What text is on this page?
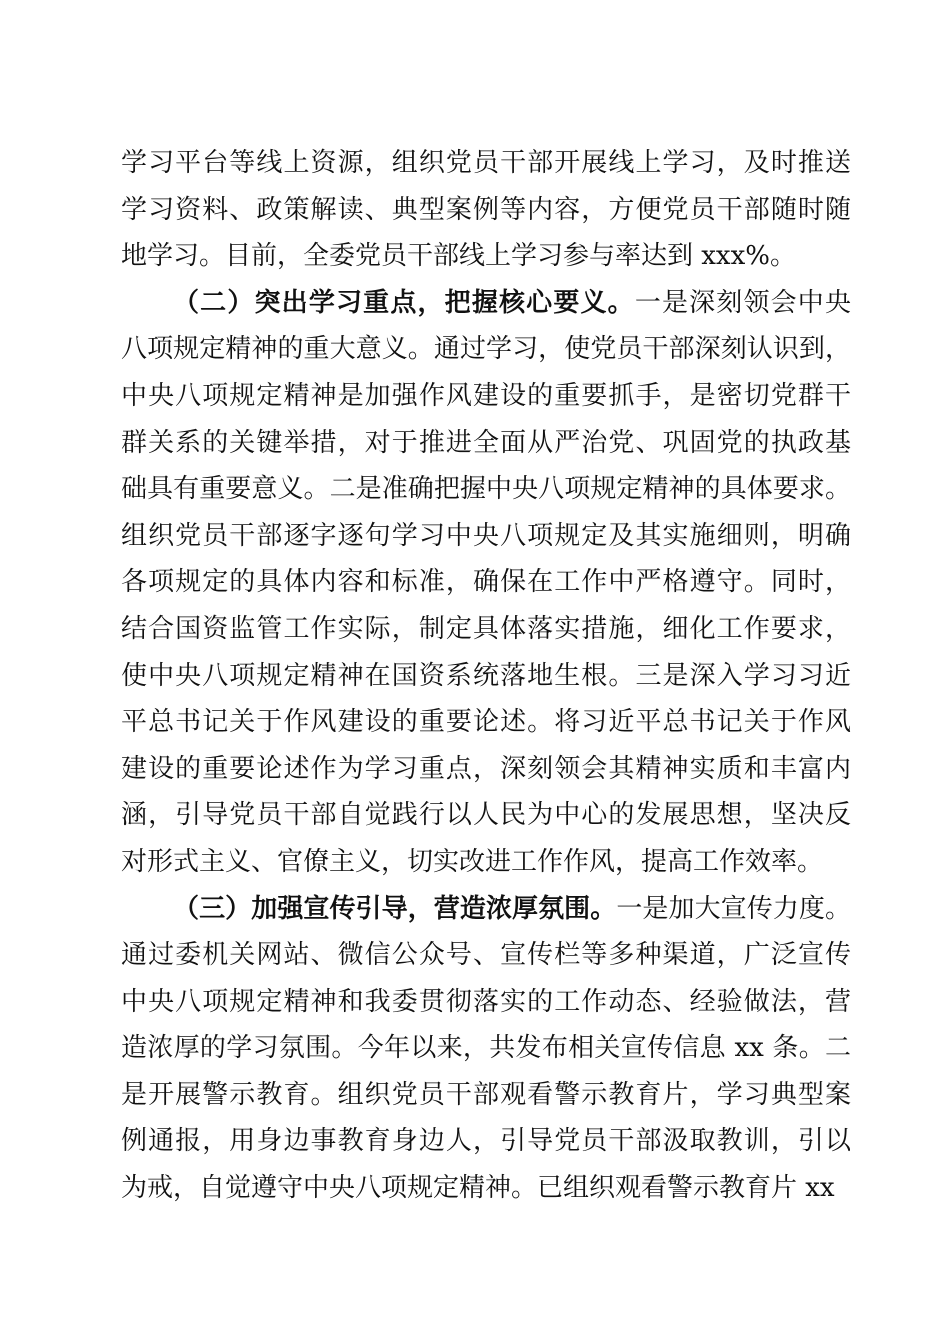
学习平台等线上资源，组织党员干部开展线上学习，及时推送
学习资料、政策解读、典型案例等内容，方便党员干部随时随
地学习。目前，全委党员干部线上学习参与率达到 xxx%。
（二）突出学习重点，把握核心要义。一是深刻领会中央
八项规定精神的重大意义。通过学习，使党员干部深刻认识到，
中央八项规定精神是加强作风建设的重要抓手，是密切党群干
群关系的关键举措，对于推进全面从严治党、巩固党的执政基
础具有重要意义。二是准确把握中央八项规定精神的具体要求。
组织党员干部逐字逐句学习中央八项规定及其实施细则，明确
各项规定的具体内容和标准，确保在工作中严格遵守。同时，
结合国资监管工作实际，制定具体落实措施，细化工作要求，
使中央八项规定精神在国资系统落地生根。三是深入学习习近
平总书记关于作风建设的重要论述。将习近平总书记关于作风
建设的重要论述作为学习重点，深刻领会其精神实质和丰富内
涵，引导党员干部自觉践行以人民为中心的发展思想，坚决反
对形式主义、官僚主义，切实改进工作作风，提高工作效率。
（三）加强宣传引导，营造浓厚氛围。一是加大宣传力度。
通过委机关网站、微信公众号、宣传栏等多种渠道，广泛宣传
中央八项规定精神和我委贯彻落实的工作动态、经验做法，营
造浓厚的学习氛围。今年以来，共发布相关宣传信息 xx 条。二
是开展警示教育。组织党员干部观看警示教育片，学习典型案
例通报，用身边事教育身边人，引导党员干部汲取教训，引以
为戒，自觉遵守中央八项规定精神。已组织观看警示教育片 xx
